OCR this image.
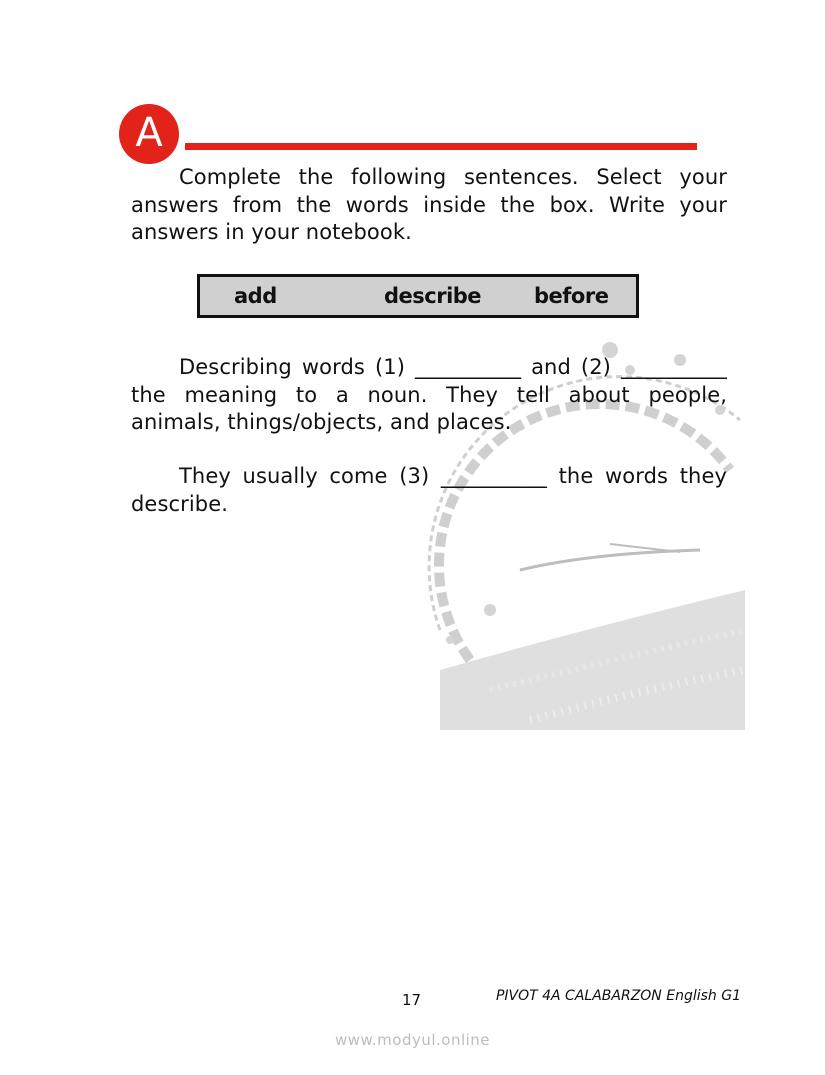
A

Complete the following sentences. Select your answers from the words inside the box. Write your answers in your notebook.

add	describe	before

Describing words (1) __________ and (2) __________ the meaning to a noun. They tell about people, animals, things/objects, and places.

They usually come (3) __________ the words they describe.

17	PIVOT 4A CALABARZON English G1
www.modyul.online
